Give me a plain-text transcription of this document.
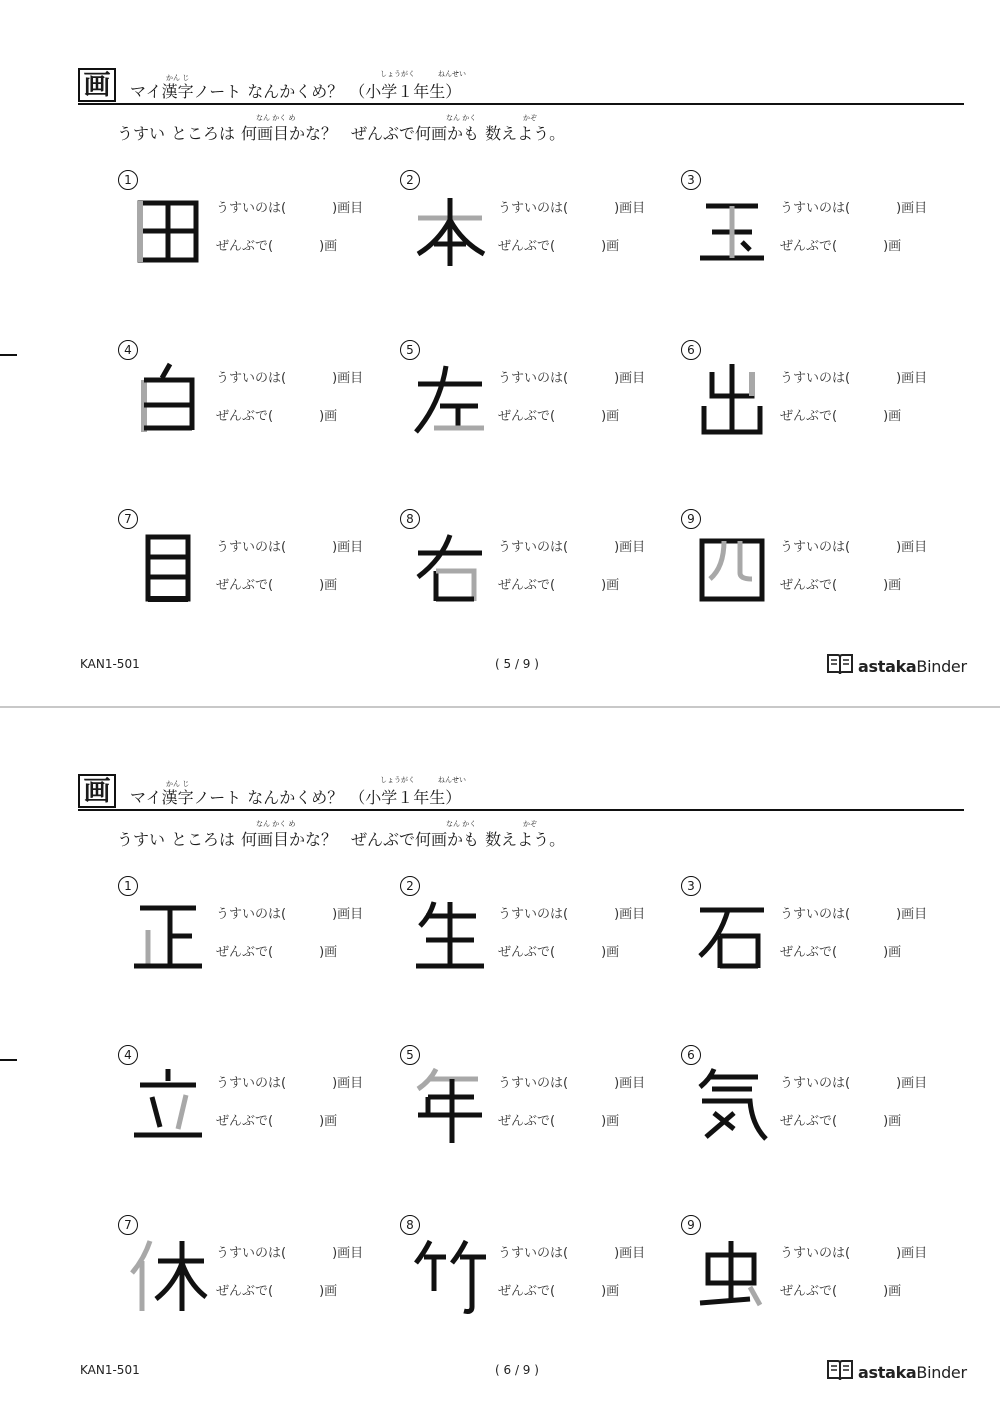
画	かん じ	しょうがく	ねんせい
マイ漢字ノート なんかくめ？ （小学１年生）
なん かく め	なん かく	かぞ
うすい ところは 何画目かな？ ぜんぶで何画かも 数えよう。
1
うすいのは(	)画目
ぜんぶで(	)画
2
うすいのは(	)画目
ぜんぶで(	)画
3
うすいのは(	)画目
ぜんぶで(	)画
4
うすいのは(	)画目
ぜんぶで(	)画
5
うすいのは(	)画目
ぜんぶで(	)画
6
うすいのは(	)画目
ぜんぶで(	)画
7
うすいのは(	)画目
ぜんぶで(	)画
8
うすいのは(	)画目
ぜんぶで(	)画
9
うすいのは(	)画目
ぜんぶで(	)画
KAN1-501	( 5 / 9 )	astakaBinder
画	かん じ	しょうがく	ねんせい
マイ漢字ノート なんかくめ？ （小学１年生）
なん かく め	なん かく	かぞ
うすい ところは 何画目かな？ ぜんぶで何画かも 数えよう。
1
うすいのは(	)画目
ぜんぶで(	)画
2
うすいのは(	)画目
ぜんぶで(	)画
3
うすいのは(	)画目
ぜんぶで(	)画
4
うすいのは(	)画目
ぜんぶで(	)画
5
うすいのは(	)画目
ぜんぶで(	)画
6
うすいのは(	)画目
ぜんぶで(	)画
7
うすいのは(	)画目
ぜんぶで(	)画
8
うすいのは(	)画目
ぜんぶで(	)画
9
うすいのは(	)画目
ぜんぶで(	)画
KAN1-501	( 6 / 9 )	astakaBinder
